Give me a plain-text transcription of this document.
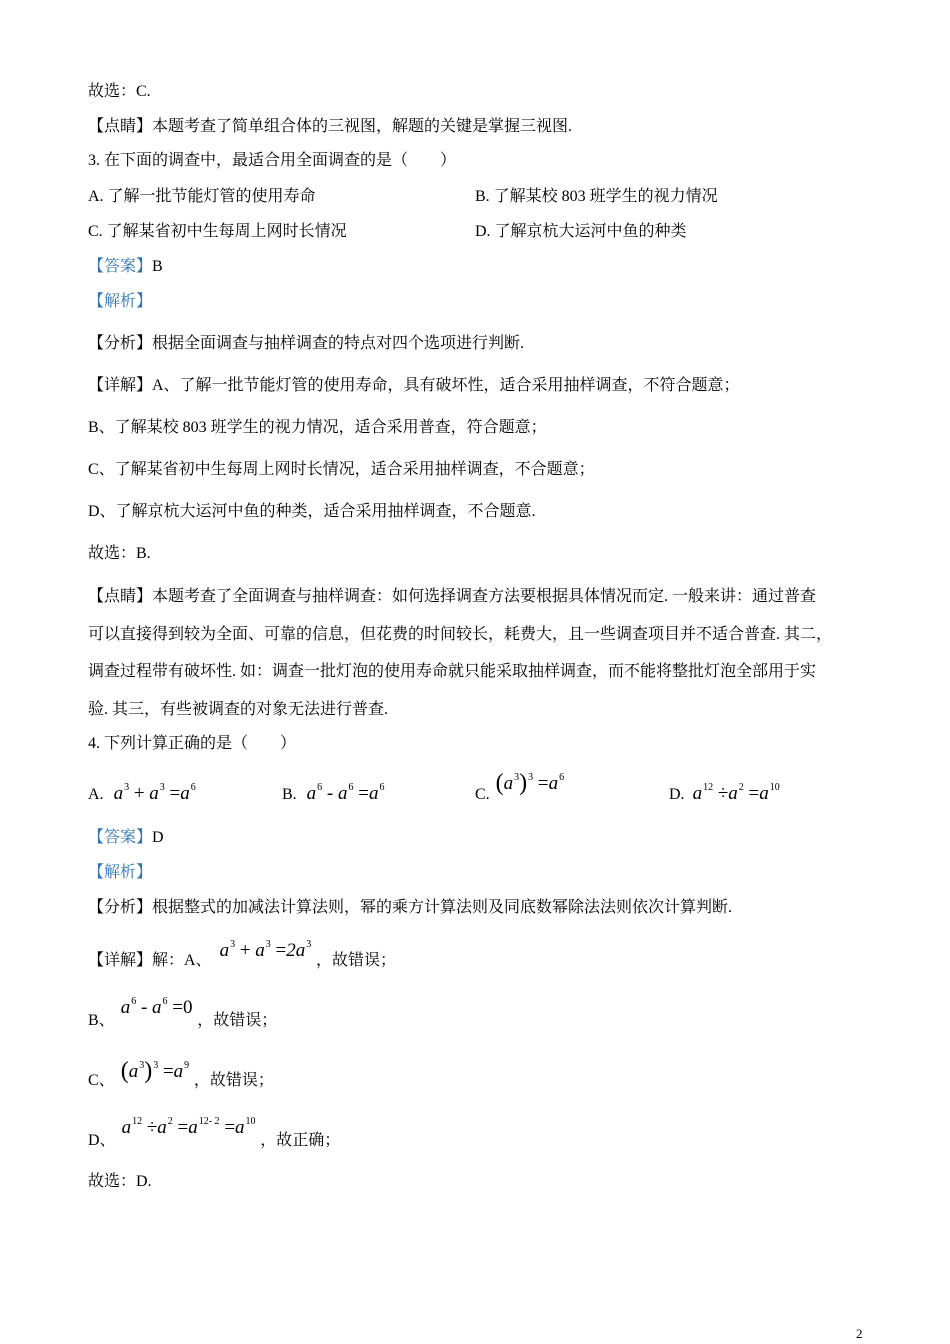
故选：C.
【点睛】本题考查了简单组合体的三视图，解题的关键是掌握三视图.
3. 在下面的调查中，最适合用全面调查的是（　　）
A. 了解一批节能灯管的使用寿命	B. 了解某校 803 班学生的视力情况
C. 了解某省初中生每周上网时长情况	D. 了解京杭大运河中鱼的种类
【答案】B
【解析】
【分析】根据全面调查与抽样调查的特点对四个选项进行判断.
【详解】A、了解一批节能灯管的使用寿命，具有破坏性，适合采用抽样调查，不符合题意；
B、了解某校 803 班学生的视力情况，适合采用普查，符合题意；
C、了解某省初中生每周上网时长情况，适合采用抽样调查，不合题意；
D、了解京杭大运河中鱼的种类，适合采用抽样调查，不合题意.
故选：B.
【点睛】本题考查了全面调查与抽样调查：如何选择调查方法要根据具体情况而定. 一般来讲：通过普查
可以直接得到较为全面、可靠的信息，但花费的时间较长，耗费大，且一些调查项目并不适合普查. 其二，
调查过程带有破坏性. 如：调查一批灯泡的使用寿命就只能采取抽样调查，而不能将整批灯泡全部用于实
验. 其三，有些被调查的对象无法进行普查.
4. 下列计算正确的是（　　）
A. $a^3 + a^3 =a^6$	B. $a^6 - a^6 =a^6$	C. $(a^3)^3 =a^6$
D. $a^{12} \div a^2 =a^{10}$
【答案】D
【解析】
【分析】根据整式的加减法计算法则，幂的乘方计算法则及同底数幂除法法则依次计算判断.
【详解】解：A、 $a^3 + a^3 =2a^3$ ，故错误；
B、 $a^6 - a^6 =0$ ，故错误；
C、 $(a^3)^3 =a^9$ ，故错误；
D、 $a^{12} \div a^2 =a^{12- 2} =a^{10}$ ，故正确；
故选：D.
2
